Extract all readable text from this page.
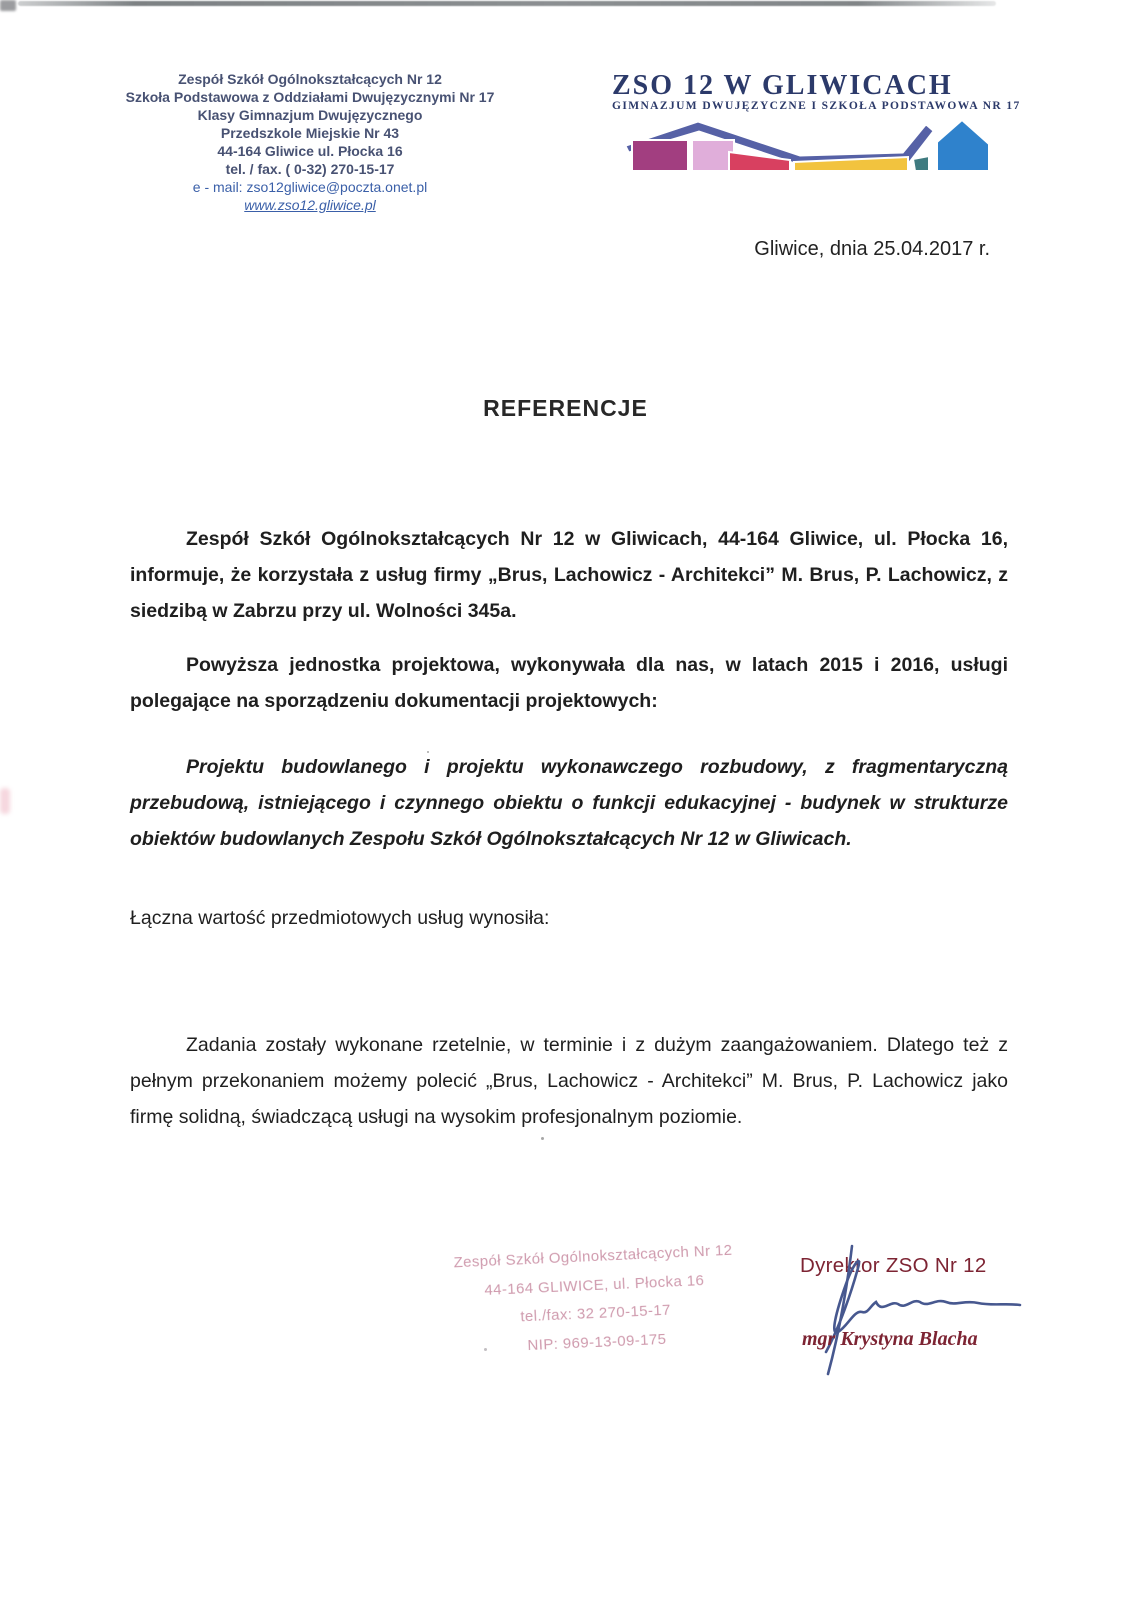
Zespół Szkół Ogólnokształcących Nr 12
Szkoła Podstawowa z Oddziałami Dwujęzycznymi Nr 17
Klasy Gimnazjum Dwujęzycznego
Przedszkole Miejskie Nr 43
44-164 Gliwice ul. Płocka 16
tel. / fax. ( 0-32) 270-15-17
e - mail: zso12gliwice@poczta.onet.pl
www.zso12.gliwice.pl
ZSO 12 W GLIWICACH
GIMNAZJUM DWUJĘZYCZNE I SZKOŁA PODSTAWOWA NR 17
Gliwice, dnia 25.04.2017 r.
REFERENCJE

Zespół Szkół Ogólnokształcących Nr 12 w Gliwicach, 44-164 Gliwice, ul. Płocka 16, informuje, że korzystała z usług firmy „Brus, Lachowicz - Architekci” M. Brus, P. Lachowicz, z siedzibą w Zabrzu przy ul. Wolności 345a.

Powyższa jednostka projektowa, wykonywała dla nas, w latach 2015 i 2016, usługi polegające na sporządzeniu dokumentacji projektowych:

Projektu budowlanego i projektu wykonawczego rozbudowy, z fragmentaryczną przebudową, istniejącego i czynnego obiektu o funkcji edukacyjnej - budynek w strukturze obiektów budowlanych Zespołu Szkół Ogólnokształcących Nr 12 w Gliwicach.

Łączna wartość przedmiotowych usług wynosiła:

Zadania zostały wykonane rzetelnie, w terminie i z dużym zaangażowaniem. Dlatego też z pełnym przekonaniem możemy polecić „Brus, Lachowicz - Architekci” M. Brus, P. Lachowicz jako firmę solidną, świadczącą usługi na wysokim profesjonalnym poziomie.

Zespół Szkół Ogólnokształcących Nr 12
44-164 GLIWICE, ul. Płocka 16
tel./fax: 32 270-15-17
NIP: 969-13-09-175
Dyrektor ZSO Nr 12
mgr Krystyna Blacha
